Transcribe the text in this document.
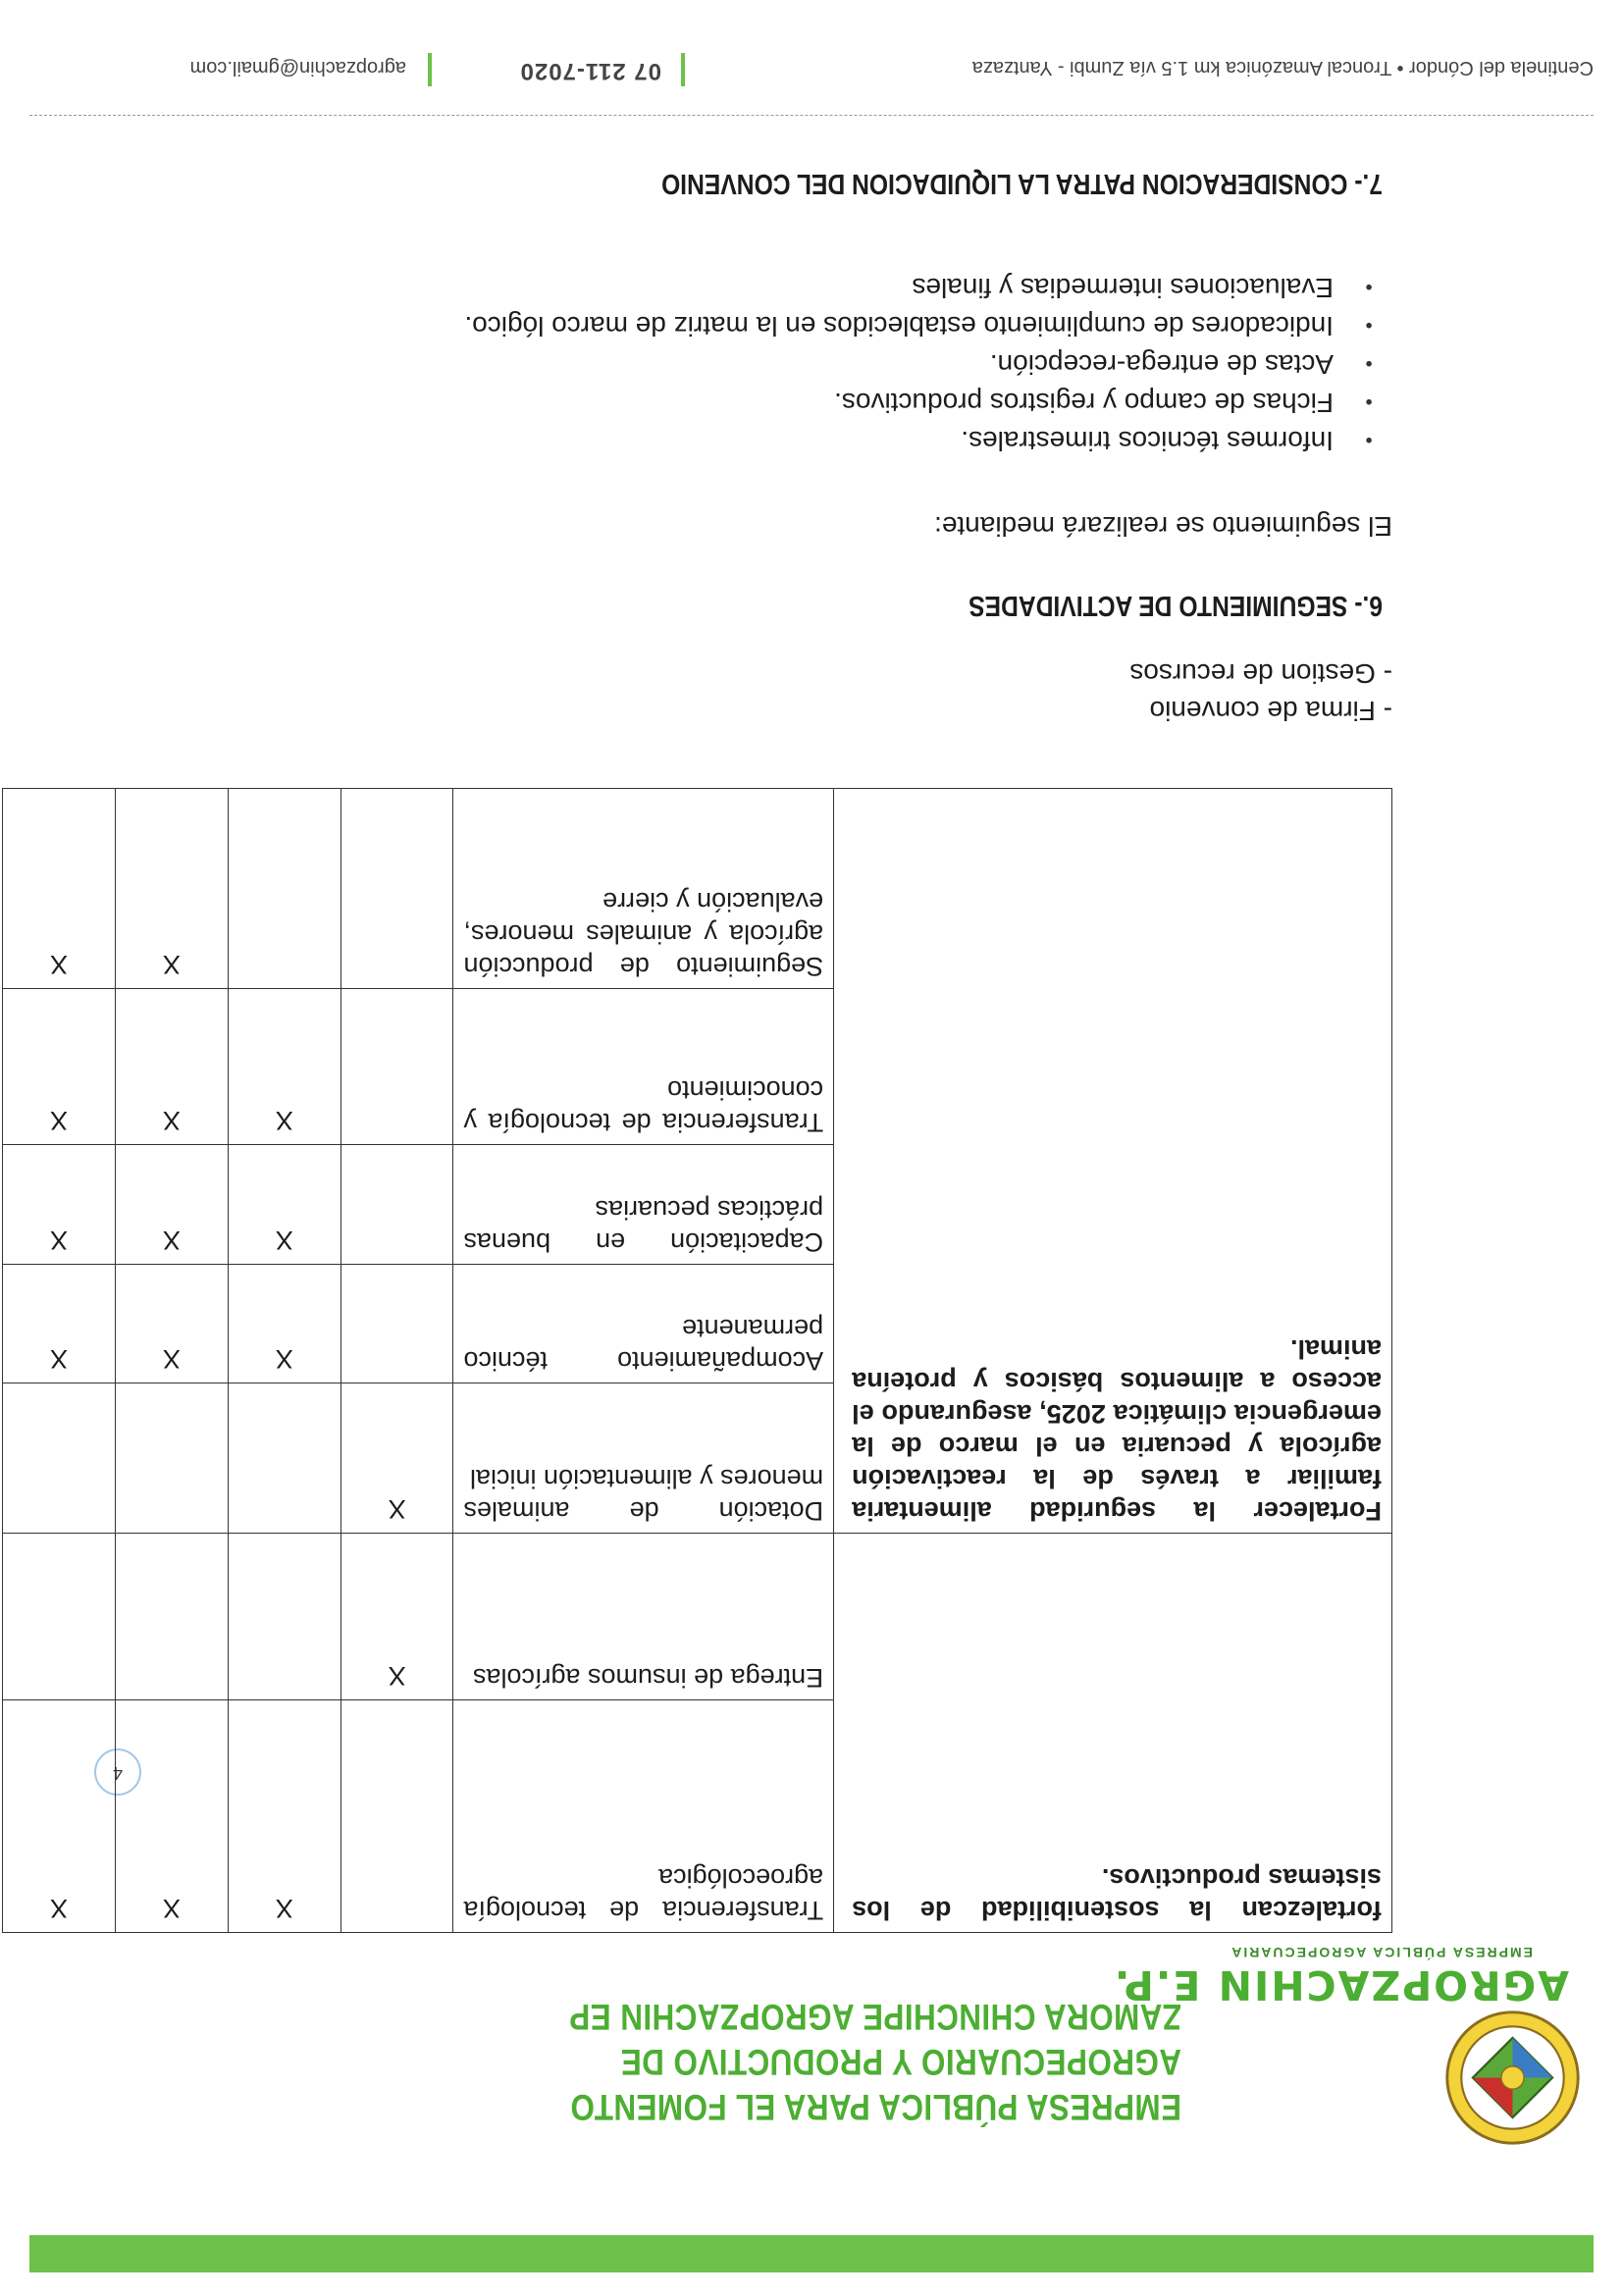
EMPRESA PÚBLICA PARA EL FOMENTO AGROPECUARIO Y PRODUCTIVO DE ZAMORA CHINCHIPE AGROPZACHIN EP
AGROPZACHIN E.P.
EMPRESA PÚBLICA AGROPECUARIA
4
fortalezcan la sostenibilidad de los sistemas productivos.	Transferencia de tecnología agroecológica		X	X	X
	Entrega de insumos agrícolas	X			
Fortalecer la seguridad alimentaria familiar a través de la reactivación agrícola y pecuaria en el marco de la emergencia climática 2025, asegurando el acceso a alimentos básicos y proteína animal.	Dotación de animales menores y alimentación inicial	X			
	Acompañamiento técnico permanente		X	X	X
	Capacitación en buenas prácticas pecuarias		X	X	X
	Transferencia de tecnología y conocimiento		X	X	X
	Seguimiento de producción agrícola y animales menores, evaluación y cierre			X	X
- Firma de convenio
- Gestion de recursos
6.- SEGUIMIENTO DE ACTIVIDADES
El seguimiento se realizará mediante:
● Informes técnicos trimestrales.
● Fichas de campo y registros productivos.
● Actas de entrega-recepción.
● Indicadores de cumplimiento establecidos en la matriz de marco lógico.
● Evaluaciones intermedias y finales
7.- CONSIDERACION PATRA LA LIQUIDACION DEL CONVENIO
Centinela del Cóndor • Troncal Amazónica km 1.5 vía Zumbi - Yantzaza
07 211-7020
agropzachin@gmail.com
